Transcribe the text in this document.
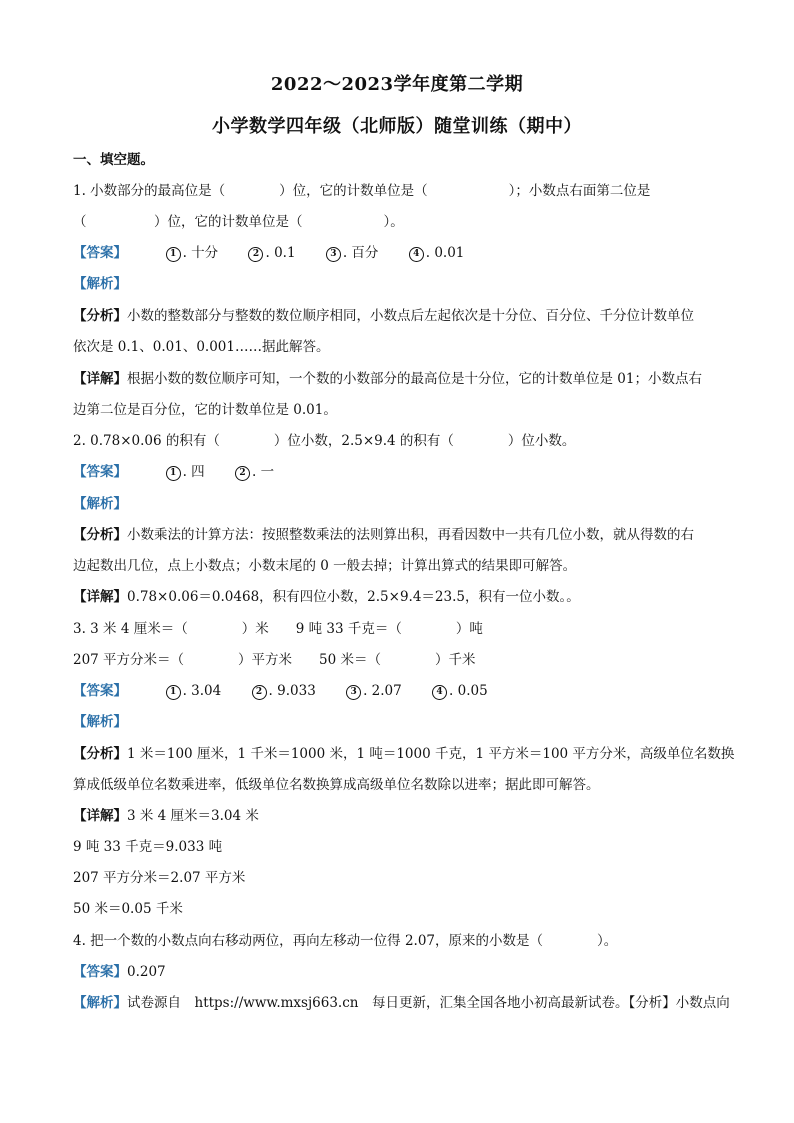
2022～2023学年度第二学期
小学数学四年级（北师版）随堂训练（期中）
一、填空题。
1. 小数部分的最高位是（　　　　）位，它的计数单位是（　　　　　　）；小数点右面第二位是
（　　　　　）位，它的计数单位是（　　　　　　）。
【答案】	1 . 十分	2 . 0.1	3 . 百分	4 . 0.01
【解析】
【分析】小数的整数部分与整数的数位顺序相同，小数点后左起依次是十分位、百分位、千分位计数单位
依次是 0.1、0.01、0.001……据此解答。
【详解】根据小数的数位顺序可知，一个数的小数部分的最高位是十分位，它的计数单位是 01；小数点右
边第二位是百分位，它的计数单位是 0.01。
2. 0.78×0.06 的积有（　　　　）位小数，2.5×9.4 的积有（　　　　）位小数。
【答案】	1 . 四	2 . 一
【解析】
【分析】小数乘法的计算方法：按照整数乘法的法则算出积，再看因数中一共有几位小数，就从得数的右
边起数出几位，点上小数点；小数末尾的 0 一般去掉；计算出算式的结果即可解答。
【详解】0.78×0.06＝0.0468，积有四位小数，2.5×9.4＝23.5，积有一位小数。。
3. 3 米 4 厘米＝（　　　　）米　　9 吨 33 千克＝（　　　　）吨
207 平方分米＝（　　　　）平方米　　50 米＝（　　　　）千米
【答案】	1 . 3.04	2 . 9.033	3 . 2.07	4 . 0.05
【解析】
【分析】1 米＝100 厘米，1 千米＝1000 米，1 吨＝1000 千克，1 平方米＝100 平方分米，高级单位名数换
算成低级单位名数乘进率，低级单位名数换算成高级单位名数除以进率；据此即可解答。
【详解】3 米 4 厘米＝3.04 米
9 吨 33 千克＝9.033 吨
207 平方分米＝2.07 平方米
50 米＝0.05 千米
4. 把一个数的小数点向右移动两位，再向左移动一位得 2.07，原来的小数是（　　　　）。
【答案】0.207
【解析】试卷源自　https://www.mxsj663.cn　每日更新，汇集全国各地小初高最新试卷。【分析】小数点向
